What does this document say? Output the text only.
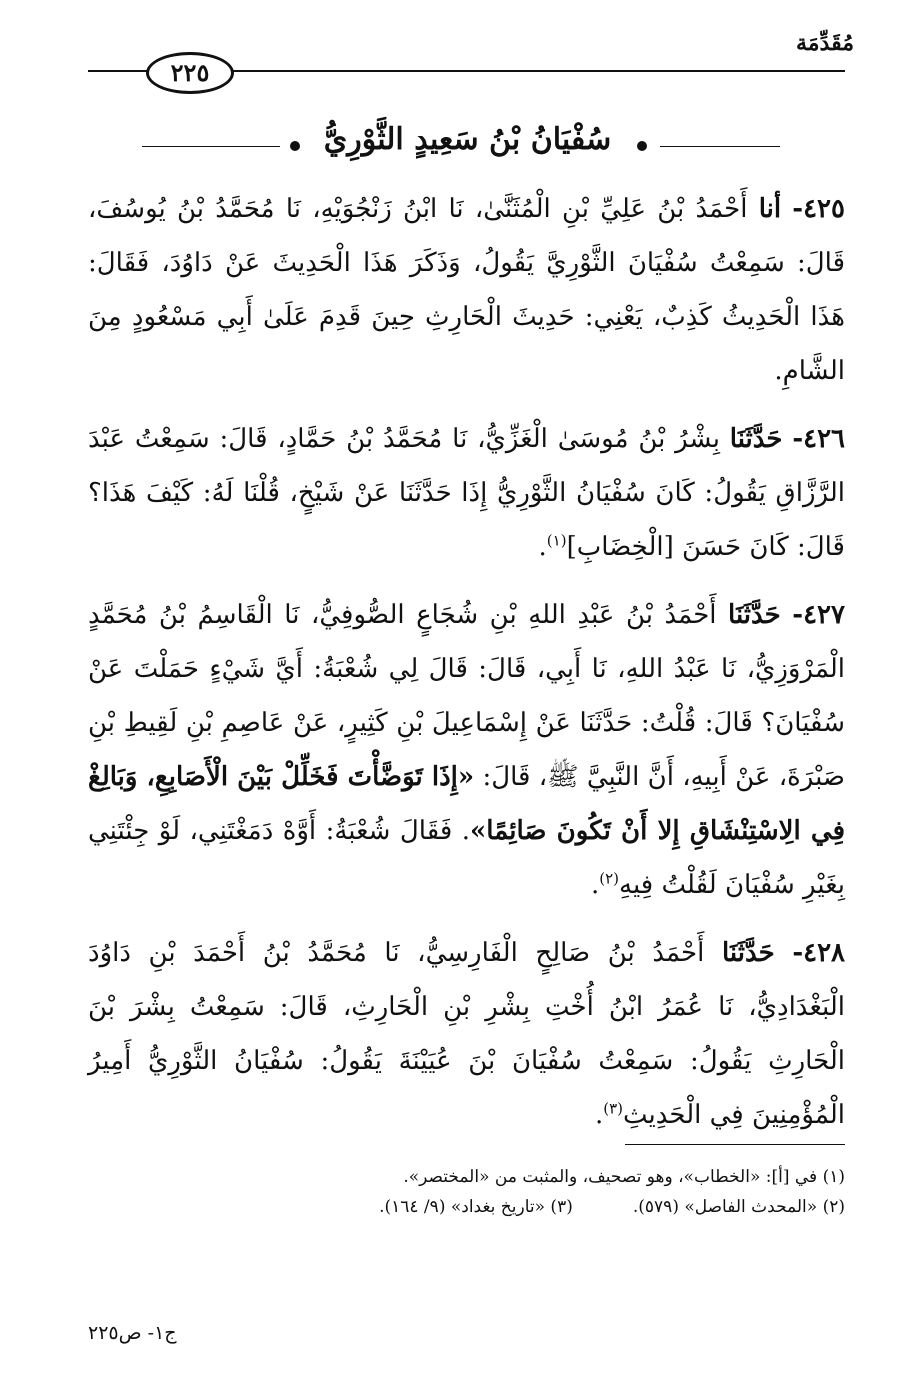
٢٢٥
مُقَدِّمَة
سُفْيَانُ بْنُ سَعِيدٍ الثَّوْرِيُّ

٤٢٥- أنا أَحْمَدُ بْنُ عَلِيِّ بْنِ الْمُثَنَّىٰ، نَا ابْنُ زَنْجُوَيْهِ، نَا مُحَمَّدُ بْنُ يُوسُفَ، قَالَ: سَمِعْتُ سُفْيَانَ الثَّوْرِيَّ يَقُولُ، وَذَكَرَ هَذَا الْحَدِيثَ عَنْ دَاوُدَ، فَقَالَ: هَذَا الْحَدِيثُ كَذِبٌ، يَعْنِي: حَدِيثَ الْحَارِثِ حِينَ قَدِمَ عَلَىٰ أَبِي مَسْعُودٍ مِنَ الشَّامِ.

٤٢٦- حَدَّثَنَا بِشْرُ بْنُ مُوسَىٰ الْغَزِّيُّ، نَا مُحَمَّدُ بْنُ حَمَّادٍ، قَالَ: سَمِعْتُ عَبْدَ الرَّزَّاقِ يَقُولُ: كَانَ سُفْيَانُ الثَّوْرِيُّ إِذَا حَدَّثَنَا عَنْ شَيْخٍ، قُلْنَا لَهُ: كَيْفَ هَذَا؟ قَالَ: كَانَ حَسَنَ [الْخِضَابِ]$^{(١)}$.

٤٢٧- حَدَّثَنَا أَحْمَدُ بْنُ عَبْدِ اللهِ بْنِ شُجَاعٍ الصُّوفِيُّ، نَا الْقَاسِمُ بْنُ مُحَمَّدٍ الْمَرْوَزِيُّ، نَا عَبْدُ اللهِ، نَا أَبِي، قَالَ: قَالَ لِي شُعْبَةُ: أَيَّ شَيْءٍ حَمَلْتَ عَنْ سُفْيَانَ؟ قَالَ: قُلْتُ: حَدَّثَنَا عَنْ إِسْمَاعِيلَ بْنِ كَثِيرٍ، عَنْ عَاصِمِ بْنِ لَقِيطِ بْنِ صَبْرَةَ، عَنْ أَبِيهِ، أَنَّ النَّبِيَّ ﷺ، قَالَ: «إِذَا تَوَضَّأْتَ فَخَلِّلْ بَيْنَ الْأَصَابِعِ، وَبَالِغْ فِي الِاسْتِنْشَاقِ إِلا أَنْ تَكُونَ صَائِمًا». فَقَالَ شُعْبَةُ: أَوَّهْ دَمَغْتَنِي، لَوْ جِئْتَنِي بِغَيْرِ سُفْيَانَ لَقُلْتُ فِيهِ$^{(٢)}$.

٤٢٨- حَدَّثَنَا أَحْمَدُ بْنُ صَالِحٍ الْفَارِسِيُّ، نَا مُحَمَّدُ بْنُ أَحْمَدَ بْنِ دَاوُدَ الْبَغْدَادِيُّ، نَا عُمَرُ ابْنُ أُخْتِ بِشْرِ بْنِ الْحَارِثِ، قَالَ: سَمِعْتُ بِشْرَ بْنَ الْحَارِثِ يَقُولُ: سَمِعْتُ سُفْيَانَ بْنَ عُيَيْنَةَ يَقُولُ: سُفْيَانُ الثَّوْرِيُّ أَمِيرُ الْمُؤْمِنِينَ فِي الْحَدِيثِ$^{(٣)}$.

(١) في [أ]: «الخطاب»، وهو تصحيف، والمثبت من «المختصر».
(٢) «المحدث الفاصل» (٥٧٩).(٣) «تاريخ بغداد» (٩/ ١٦٤).
ج١- ص٢٢٥
